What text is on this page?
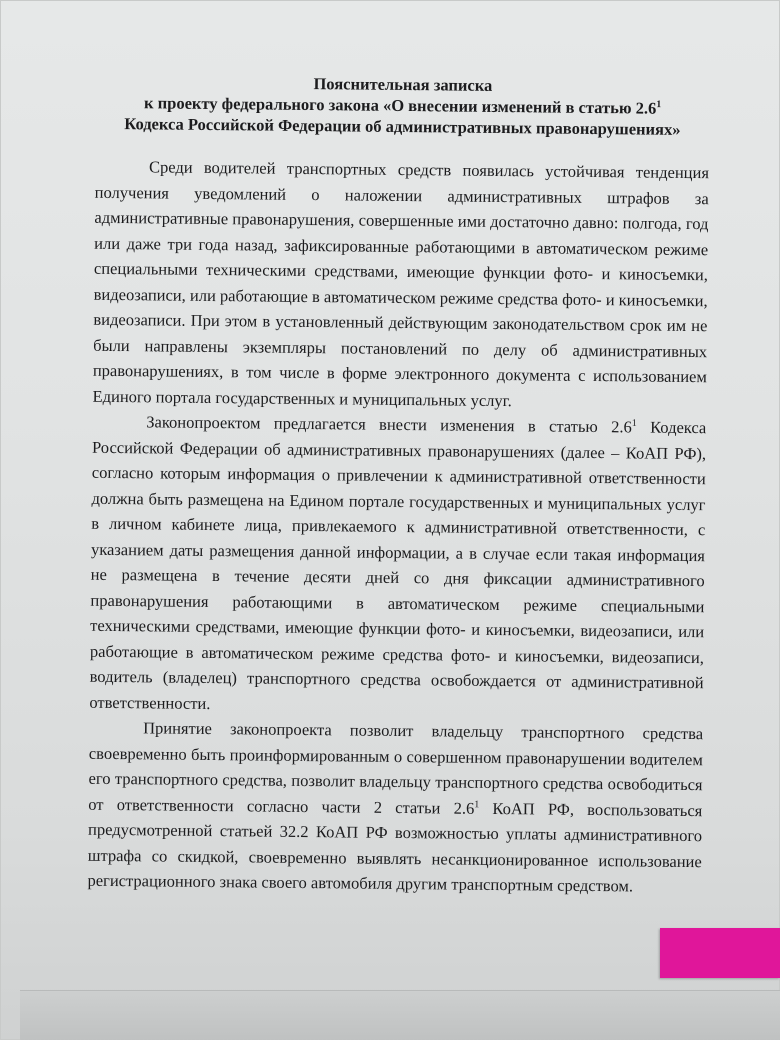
Пояснительная записка
к проекту федерального закона «О внесении изменений в статью $2.6^1$
Кодекса Российской Федерации об административных правонарушениях»

Среди водителей транспортных средств появилась устойчивая тенденция получения уведомлений о наложении административных штрафов за административные правонарушения, совершенные ими достаточно давно: полгода, год или даже три года назад, зафиксированные работающими в автоматическом режиме специальными техническими средствами, имеющие функции фото- и киносъемки, видеозаписи, или работающие в автоматическом режиме средства фото- и киносъемки, видеозаписи. При этом в установленный действующим законодательством срок им не были направлены экземпляры постановлений по делу об административных правонарушениях, в том числе в форме электронного документа с использованием Единого портала государственных и муниципальных услуг.

Законопроектом предлагается внести изменения в статью $2.6^1$ Кодекса Российской Федерации об административных правонарушениях (далее – КоАП РФ), согласно которым информация о привлечении к административной ответственности должна быть размещена на Едином портале государственных и муниципальных услуг в личном кабинете лица, привлекаемого к административной ответственности, с указанием даты размещения данной информации, а в случае если такая информация не размещена в течение десяти дней со дня фиксации административного правонарушения работающими в автоматическом режиме специальными техническими средствами, имеющие функции фото- и киносъемки, видеозаписи, или работающие в автоматическом режиме средства фото- и киносъемки, видеозаписи, водитель (владелец) транспортного средства освобождается от административной ответственности.

Принятие законопроекта позволит владельцу транспортного средства своевременно быть проинформированным о совершенном правонарушении водителем его транспортного средства, позволит владельцу транспортного средства освободиться от ответственности согласно части 2 статьи $2.6^1$ КоАП РФ, воспользоваться предусмотренной статьей 32.2 КоАП РФ возможностью уплаты административного штрафа со скидкой, своевременно выявлять несанкционированное использование регистрационного знака своего автомобиля другим транспортным средством.
